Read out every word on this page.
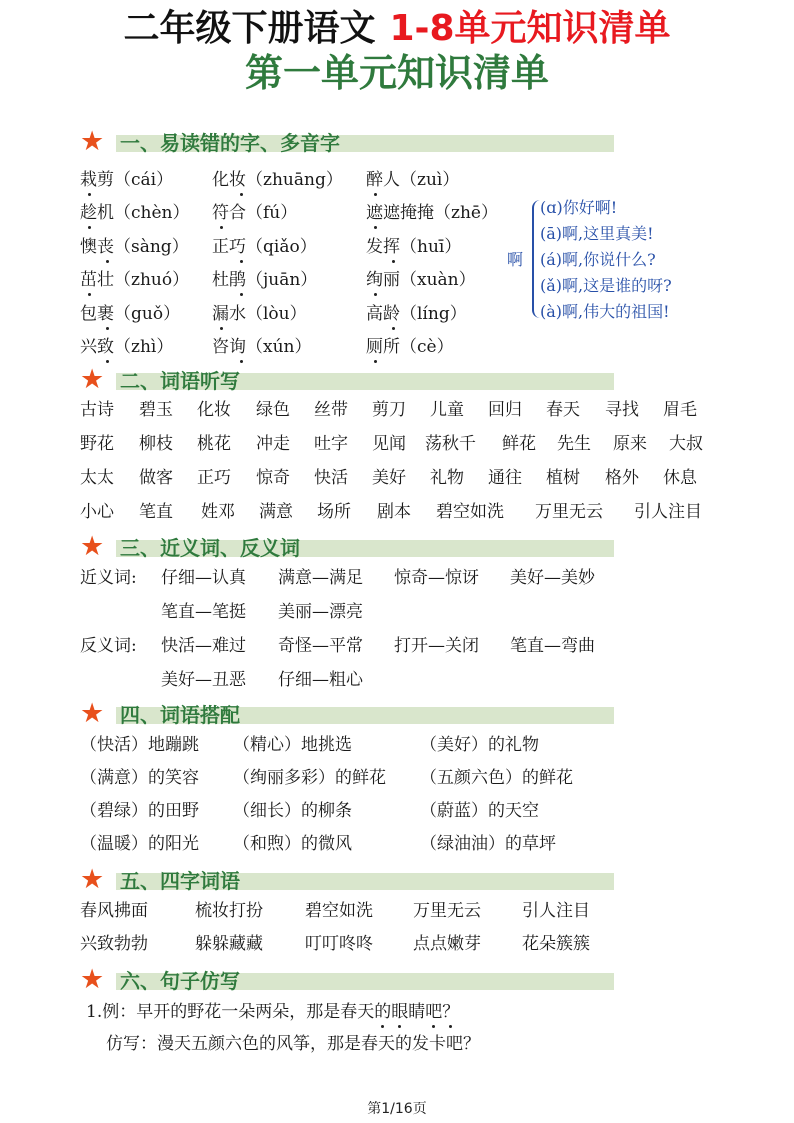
二年级下册语文 1-8单元知识清单
第一单元知识清单
★ 一、易读错的字、多音字
栽剪（cái） 化妆（zhuāng） 醉人（zuì）
趁机（chèn） 符合（fú）	遮遮掩掩（zhē）
懊丧（sàng） 正巧（qiǎo）	发挥（huī）
茁壮（zhuó） 杜鹃（juān）	绚丽（xuàn）
包裹（guǒ） 漏水（lòu）	高龄（líng）
兴致（zhì） 咨询（xún）	厕所（cè）
啊
(ɑ)你好啊!
(ā)啊,这里真美!
(á)啊,你说什么?
(ǎ)啊,这是谁的呀?
(à)啊,伟大的祖国!
★ 二、词语听写
古诗 碧玉 化妆 绿色 丝带 剪刀 儿童 回归 春天 寻找 眉毛
野花 柳枝 桃花 冲走 吐字 见闻 荡秋千 鲜花 先生 原来 大叔
太太 做客 正巧 惊奇 快活 美好 礼物 通往 植树 格外 休息
小心 笔直 姓邓 满意 场所 剧本 碧空如洗 万里无云 引人注目
★ 三、近义词、反义词
近义词: 仔细—认真 满意—满足 惊奇—惊讶 美好—美妙
笔直—笔挺 美丽—漂亮
反义词: 快活—难过 奇怪—平常 打开—关闭 笔直—弯曲
美好—丑恶 仔细—粗心
★ 四、词语搭配
（快活）地蹦跳 （精心）地挑选	（美好）的礼物
（满意）的笑容 （绚丽多彩）的鲜花 （五颜六色）的鲜花
（碧绿）的田野 （细长）的柳条	（蔚蓝）的天空
（温暖）的阳光 （和煦）的微风	（绿油油）的草坪
★ 五、四字词语
春风拂面	梳妆打扮 碧空如洗 万里无云 引人注目
兴致勃勃	躲躲藏藏 叮叮咚咚 点点嫩芽 花朵簇簇
★ 六、句子仿写
1.例：早开的野花一朵两朵，那是春天的眼睛吧？
仿写：漫天五颜六色的风筝，那是春天的发卡吧？
第1/16页
